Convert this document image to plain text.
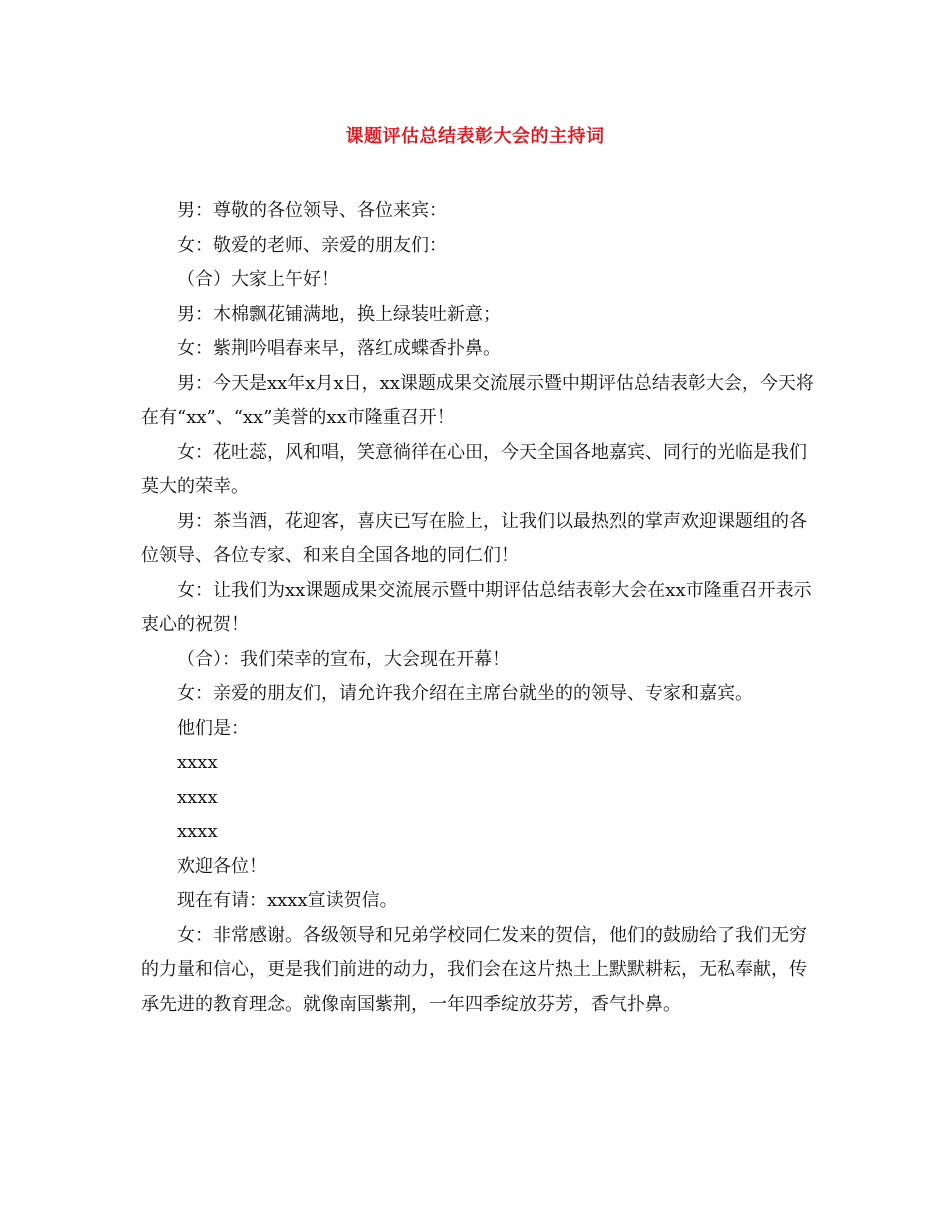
课题评估总结表彰大会的主持词

男：尊敬的各位领导、各位来宾：

女：敬爱的老师、亲爱的朋友们：

（合）大家上午好！

男：木棉飘花铺满地，换上绿装吐新意；

女：紫荆吟唱春来早，落红成蝶香扑鼻。

男：今天是xx年x月x日，xx课题成果交流展示暨中期评估总结表彰大会，今天将在有“xx”、“xx”美誉的xx市隆重召开！

女：花吐蕊，风和唱，笑意徜徉在心田，今天全国各地嘉宾、同行的光临是我们莫大的荣幸。

男：茶当酒，花迎客，喜庆已写在脸上，让我们以最热烈的掌声欢迎课题组的各位领导、各位专家、和来自全国各地的同仁们！

女：让我们为xx课题成果交流展示暨中期评估总结表彰大会在xx市隆重召开表示衷心的祝贺！

（合）：我们荣幸的宣布，大会现在开幕！

女：亲爱的朋友们，请允许我介绍在主席台就坐的的领导、专家和嘉宾。

他们是：

xxxx

xxxx

xxxx

欢迎各位！

现在有请：xxxx宣读贺信。

女：非常感谢。各级领导和兄弟学校同仁发来的贺信，他们的鼓励给了我们无穷的力量和信心，更是我们前进的动力，我们会在这片热土上默默耕耘，无私奉献，传承先进的教育理念。就像南国紫荆，一年四季绽放芬芳，香气扑鼻。
